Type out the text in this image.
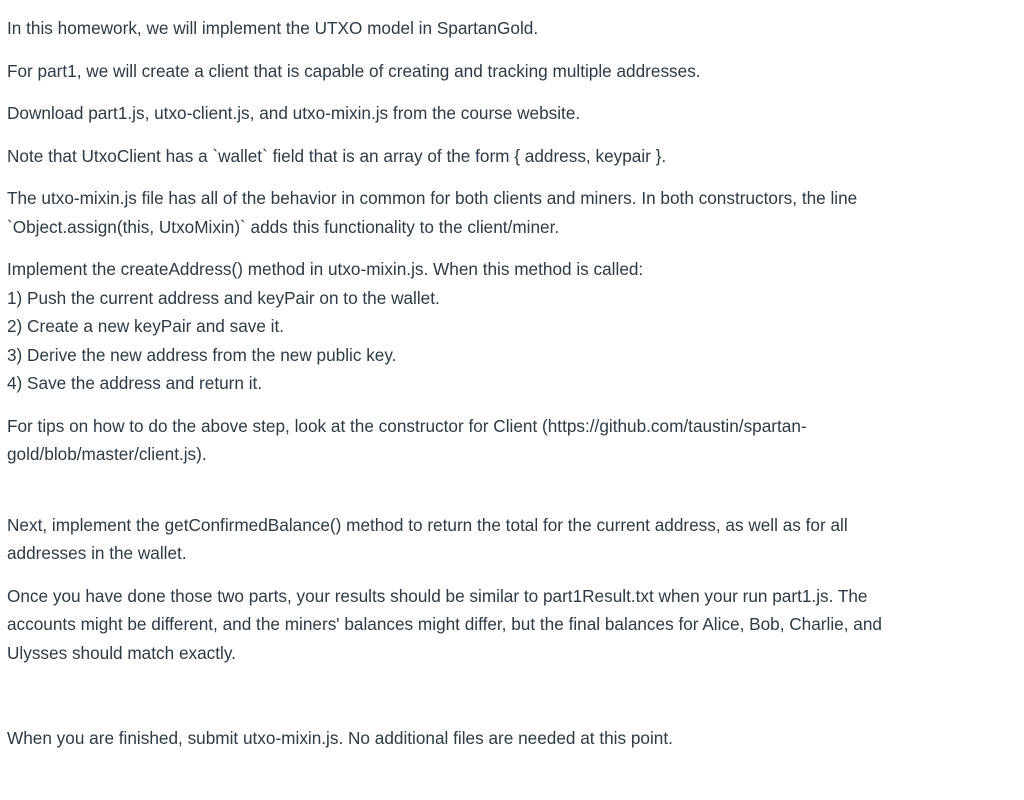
In this homework, we will implement the UTXO model in SpartanGold.

For part1, we will create a client that is capable of creating and tracking multiple addresses.

Download part1.js, utxo-client.js, and utxo-mixin.js from the course website.

Note that UtxoClient has a `wallet` field that is an array of the form { address, keypair }.

The utxo-mixin.js file has all of the behavior in common for both clients and miners. In both constructors, the line

`Object.assign(this, UtxoMixin)` adds this functionality to the client/miner.

Implement the createAddress() method in utxo-mixin.js. When this method is called:

1) Push the current address and keyPair on to the wallet.

2) Create a new keyPair and save it.

3) Derive the new address from the new public key.

4) Save the address and return it.

For tips on how to do the above step, look at the constructor for Client (https://github.com/taustin/spartan-

gold/blob/master/client.js).

Next, implement the getConfirmedBalance() method to return the total for the current address, as well as for all

addresses in the wallet.

Once you have done those two parts, your results should be similar to part1Result.txt when your run part1.js. The

accounts might be different, and the miners' balances might differ, but the final balances for Alice, Bob, Charlie, and

Ulysses should match exactly.

When you are finished, submit utxo-mixin.js. No additional files are needed at this point.
